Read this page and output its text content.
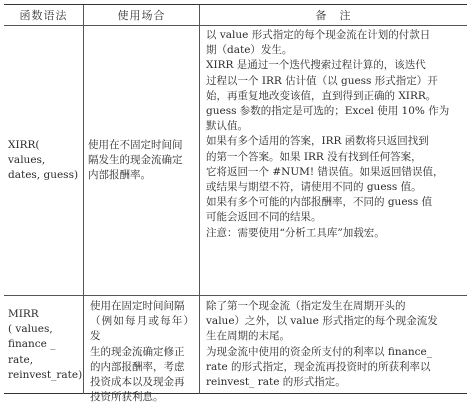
函数语法	使用场合	备　注
XIRR( values,
dates, guess)
使用在不固定时间间
隔发生的现金流确定
内部报酬率。
以 value 形式指定的每个现金流在计划的付款日
期（date）发生。
XIRR 是通过一个迭代搜索过程计算的，该迭代
过程以一个 IRR 估计值（以 guess 形式指定）开
始，再重复地改变该值，直到得到正确的 XIRR。
guess 参数的指定是可选的；Excel 使用 10% 作为
默认值。
如果有多个适用的答案，IRR 函数将只返回找到
的第一个答案。如果 IRR 没有找到任何答案，
它将返回一个 #NUM! 错误值。如果返回错误值，
或结果与期望不符，请使用不同的 guess 值。
如果有多个可能的内部报酬率，不同的 guess 值
可能会返回不同的结果。
注意：需要使用“分析工具库”加载宏。
MIRR
( values,
finance _ rate,
reinvest_rate)
使用在固定时间间隔
（例如每月或每年）发
生的现金流确定修正
的内部报酬率，考虑
投资成本以及现金再
投资所获利息。
除了第一个现金流（指定发生在周期开头的
value）之外，以 value 形式指定的每个现金流发
生在周期的末尾。
为现金流中使用的资金所支付的利率以 finance_
rate 的形式指定，现金流再投资时的所获利率以
reinvest_ rate 的形式指定。
